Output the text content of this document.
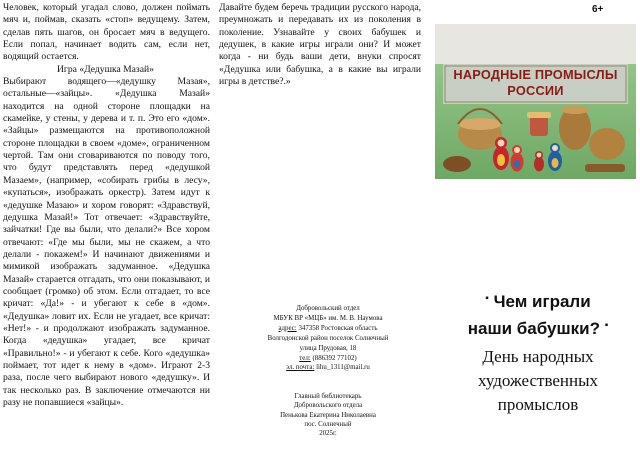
Человек, который угадал слово, должен поймать мяч и, поймав, сказать «стоп» ведущему. Затем, сделав пять шагов, он бросает мяч в ведущего. Если попал, начинает водить сам, если нет, водящий остается.

Игра «Дедушка Мазай»

Выбирают водящего—«дедушку Мазая», остальные—«зайцы». «Дедушка Мазай» находится на одной стороне площадки на скамейке, у стены, у дерева и т. п. Это его «дом». «Зайцы» размещаются на противоположной стороне площадки в своем «доме», ограниченном чертой. Там они сговариваются по поводу того, что будут представлять перед «дедушкой Мазаем», (например, «собирать грибы в лесу», «купаться», изображать оркестр). Затем идут к «дедушке Мазаю» и хором говорят: «Здравствуй, дедушка Мазай!» Тот отвечает: «Здравствуйте, зайчатки! Где вы были, что делали?» Все хором отвечают: «Где мы были, мы не скажем, а что делали - покажем!» И начинают движениями и мимикой изображать задуманное. «Дедушка Мазай» старается отгадать, что они показывают, и сообщает (громко) об этом. Если отгадает, то все кричат: «Да!» - и убегают к себе в «дом». «Дедушка» ловит их. Если не угадает, все кричат: «Нет!» - и продолжают изображать задуманное. Когда «дедушка» угадает, все кричат «Правильно!» - и убегают к себе. Кого «дедушка» поймает, тот идет к нему в «дом». Играют 2-3 раза, после чего выбирают нового «дедушку». И так несколько раз. В заключение отмечаются ни разу не попавшиеся «зайцы».

Давайте будем беречь традиции русского народа, преумножать и передавать их из поколения в поколение. Узнавайте у своих бабушек и дедушек, в какие игры играли они? И может когда - ни будь ваши дети, внуки спросят «Дедушка или бабушка, а в какие вы играли игры в детстве?.»
Добровольский отдел
МБУК ВР «МЦБ» им. М. В. Наумова
адрес: 347358 Ростовская область
Волгодонской район поселок Солнечный
улица Прудовая, 18
тел: (886392 77102)
эл. почта: lihu_1311@mail.ru
Главный библиотекарь
Добровольского отдела
Пенькова Екатерина Николаевна
пос. Солнечный
2025г.
6+
НАРОДНЫЕ ПРОМЫСЛЫ
РОССИИ
▪ Чем играли
наши бабушки? ▪
День народных
художественных
промыслов
